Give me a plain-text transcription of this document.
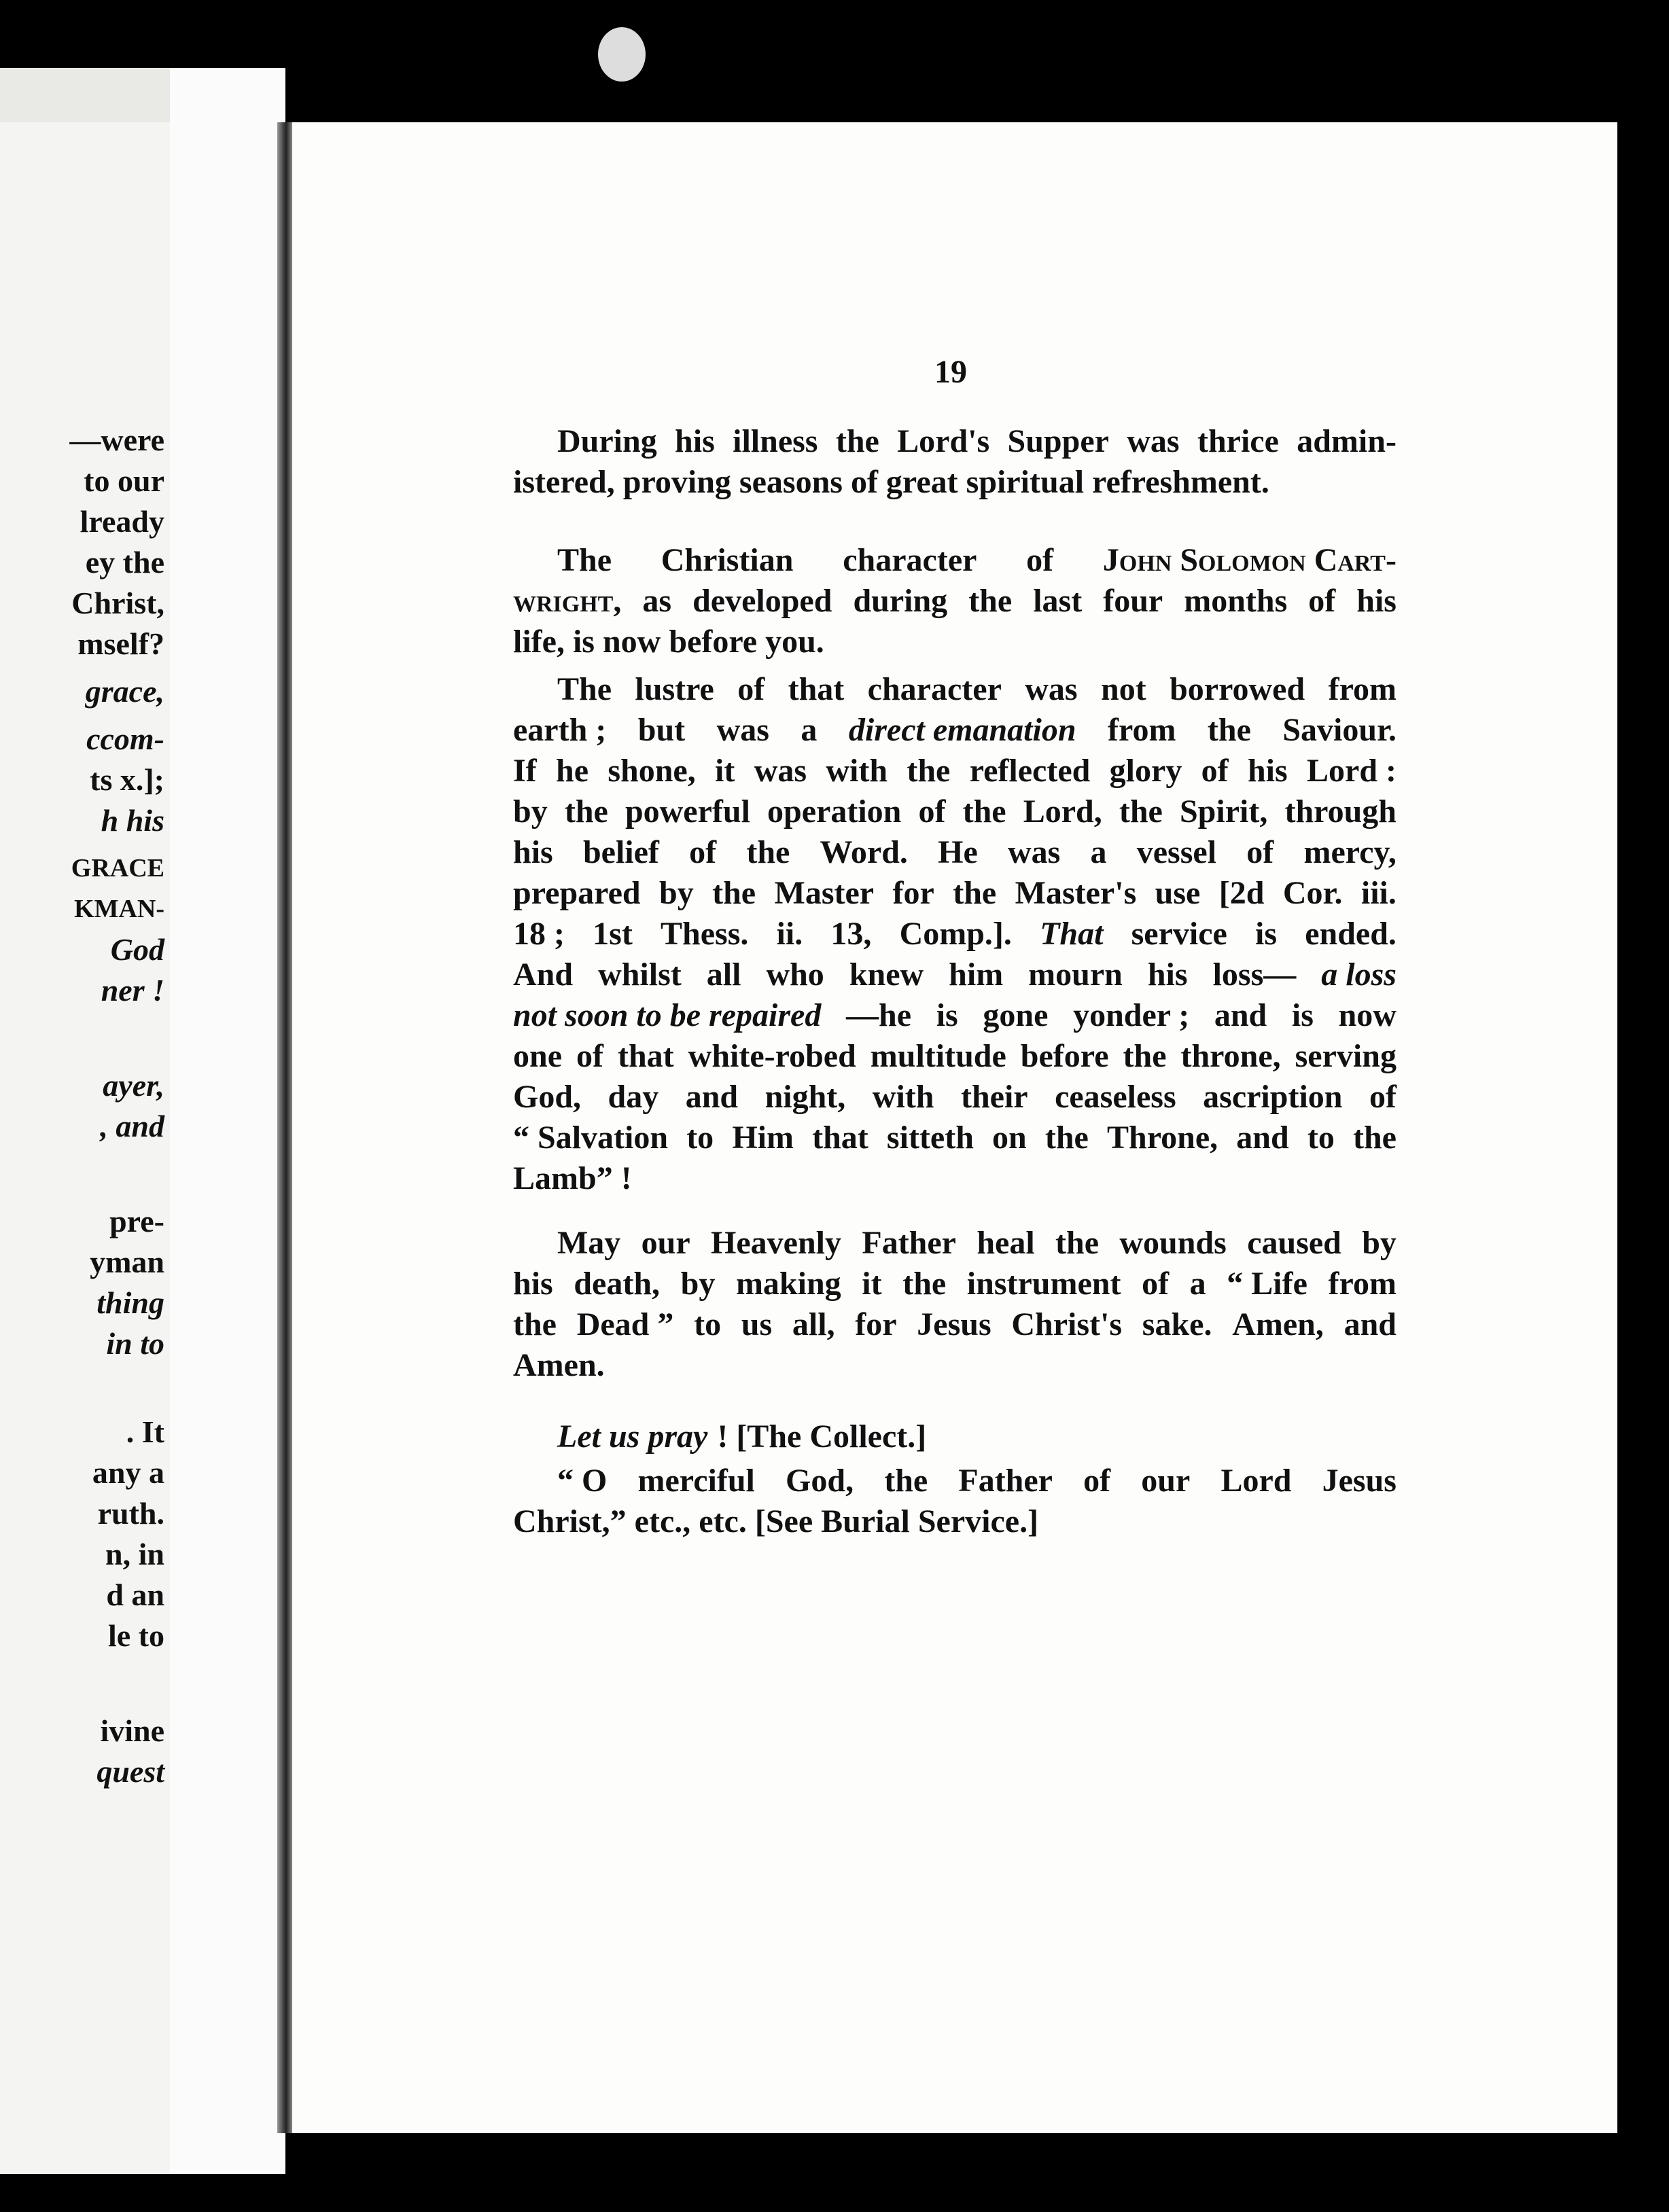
—were
to our
lready
ey the
Christ,
mself?
grace,
ccom-
ts x.];
h his
GRACE
KMAN-
God
ner !
ayer,
, and
pre-
yman
thing
in to
. It
any a
ruth.
n, in
d an
le to
ivine
quest
19
During his illness the Lord's Supper was thrice admin-
istered, proving seasons of great spiritual refreshment.
The Christian character of John Solomon Cart-
wright, as developed during the last four months of his
life, is now before you.
The lustre of that character was not borrowed from
earth ; but was a direct emanation from the Saviour.
If he shone, it was with the reflected glory of his Lord :
by the powerful operation of the Lord, the Spirit, through
his belief of the Word. He was a vessel of mercy,
prepared by the Master for the Master's use [2d Cor. iii.
18 ; 1st Thess. ii. 13, Comp.]. That service is ended.
And whilst all who knew him mourn his loss— a loss
not soon to be repaired —he is gone yonder ; and is now
one of that white-robed multitude before the throne, serving
God, day and night, with their ceaseless ascription of
“ Salvation to Him that sitteth on the Throne, and to the
Lamb” !
May our Heavenly Father heal the wounds caused by
his death, by making it the instrument of a “ Life from
the Dead ” to us all, for Jesus Christ's sake. Amen, and
Amen.
Let us pray ! [The Collect.]
“ O merciful God, the Father of our Lord Jesus
Christ,” etc., etc. [See Burial Service.]
